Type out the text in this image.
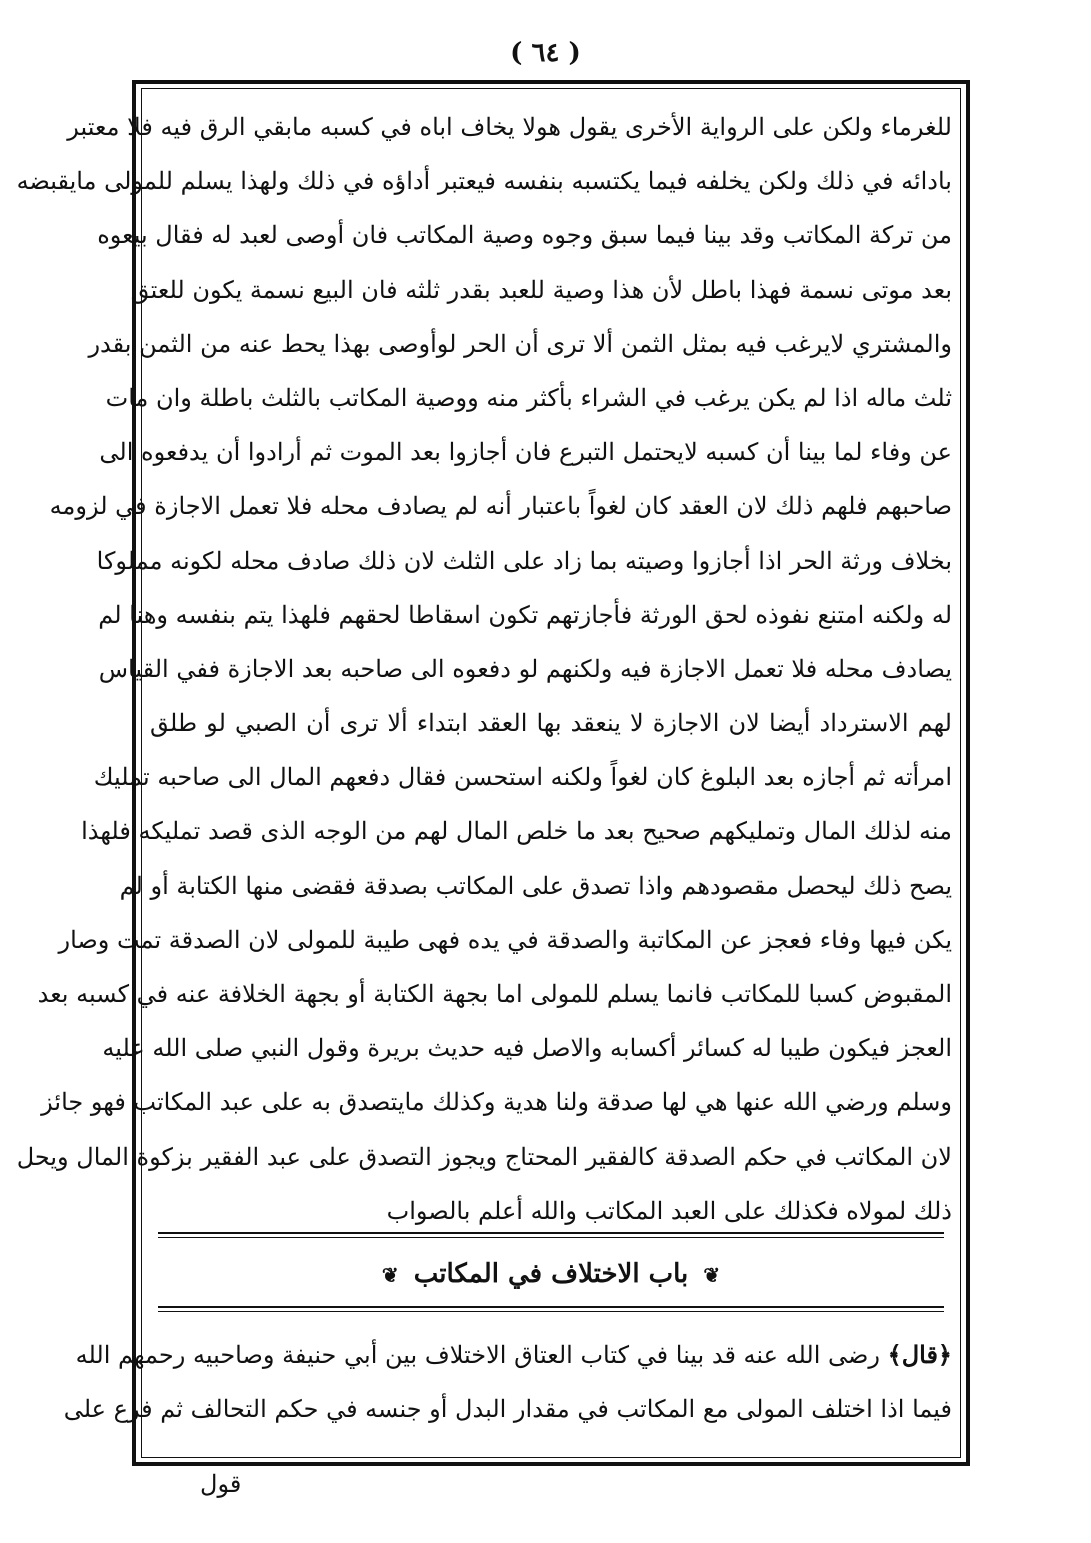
( ٦٤ )
للغرماء ولكن على الرواية الأخرى يقول هولا يخاف اباه في كسبه مابقي الرق فيه فلا معتبر
بادائه في ذلك ولكن يخلفه فيما يكتسبه بنفسه فيعتبر أداؤه في ذلك ولهذا يسلم للمولى مايقبضه
من تركة المكاتب وقد بينا فيما سبق وجوه وصية المكاتب فان أوصى لعبد له فقال بيعوه
بعد موتى نسمة فهذا باطل لأن هذا وصية للعبد بقدر ثلثه فان البيع نسمة يكون للعتق
والمشتري لايرغب فيه بمثل الثمن ألا ترى أن الحر لوأوصى بهذا يحط عنه من الثمن بقدر
ثلث ماله اذا لم يكن يرغب في الشراء بأكثر منه ووصية المكاتب بالثلث باطلة وان مات
عن وفاء لما بينا أن كسبه لايحتمل التبرع فان أجازوا بعد الموت ثم أرادوا أن يدفعوه الى
صاحبهم فلهم ذلك لان العقد كان لغواً باعتبار أنه لم يصادف محله فلا تعمل الاجازة في لزومه
بخلاف ورثة الحر اذا أجازوا وصيته بما زاد على الثلث لان ذلك صادف محله لكونه مملوكا
له ولكنه امتنع نفوذه لحق الورثة فأجازتهم تكون اسقاطا لحقهم فلهذا يتم بنفسه وهنا لم
يصادف محله فلا تعمل الاجازة فيه ولكنهم لو دفعوه الى صاحبه بعد الاجازة ففي القياس
لهم الاسترداد أيضا لان الاجازة لا ينعقد بها العقد ابتداء ألا ترى أن الصبي لو طلق
امرأته ثم أجازه بعد البلوغ كان لغواً ولكنه استحسن فقال دفعهم المال الى صاحبه تمليك
منه لذلك المال وتمليكهم صحيح بعد ما خلص المال لهم من الوجه الذى قصد تمليكه فلهذا
يصح ذلك ليحصل مقصودهم واذا تصدق على المكاتب بصدقة فقضى منها الكتابة أو لم
يكن فيها وفاء فعجز عن المكاتبة والصدقة في يده فهى طيبة للمولى لان الصدقة تمت وصار
المقبوض كسبا للمكاتب فانما يسلم للمولى اما بجهة الكتابة أو بجهة الخلافة عنه في كسبه بعد
العجز فيكون طيبا له كسائر أكسابه والاصل فيه حديث بريرة وقول النبي صلى الله عليه
وسلم ورضي الله عنها هي لها صدقة ولنا هدية وكذلك مايتصدق به على عبد المكاتب فهو جائز
لان المكاتب في حكم الصدقة كالفقير المحتاج ويجوز التصدق على عبد الفقير بزكوة المال ويحل
ذلك لمولاه فكذلك على العبد المكاتب والله أعلم بالصواب
❦ باب الاختلاف في المكاتب ❦
﴿قال﴾ رضى الله عنه قد بينا في كتاب العتاق الاختلاف بين أبي حنيفة وصاحبيه رحمهم الله
فيما اذا اختلف المولى مع المكاتب في مقدار البدل أو جنسه في حكم التحالف ثم فرع على
قول
